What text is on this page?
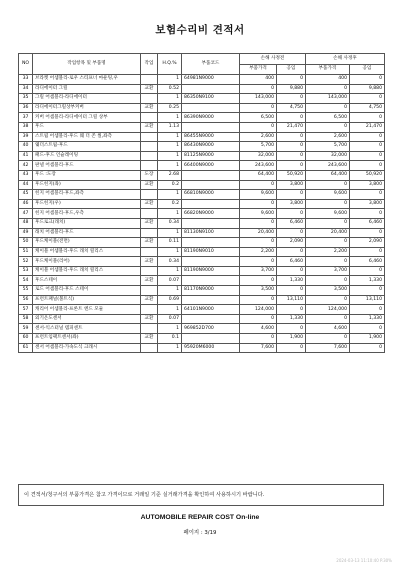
보험수리비 견적서
NO	작업항목 및 부품명	작업	H.Q.%	부품코드	손해 사정전		손해 사정후	
					부품가격	공임	부품가격	공임
33	브라켓 어셈블리-로우 스티프너 마운팅,우		1	64981N9000	400	0	400	0
34	라디에이터 그릴	교환	0.52		0	9,880	0	9,880
35	그릴 어셈블리-라디에이터		1	86350N9100	143,000	0	143,000	0
36	라디에이터그릴상부커버	교환	0.25		0	4,750	0	4,750
37	커버 어셈블리-라디에이터 그릴 상부		1	86390N9000	6,500	0	6,500	0
38	후드	교환	1.13		0	21,470	0	21,470
39	스트립 어셈블리-후드 웨 더 존 씰,좌측		1	86455N9000	2,600	0	2,600	0
40	웨더스트립-후드		1	86430N9000	5,700	0	5,700	0
41	패드-후드 인슐레이팅		1	81125N9000	32,000	0	32,000	0
42	판넬 어셈블리-후드		1	66400N9000	243,600	0	243,600	0
43	후드 :도장	도장	2.68		64,400	50,920	64,400	50,920
44	후드힌지(좌)	교환	0.2		0	3,800	0	3,800
45	힌지 어셈블리-후드,좌측		1	66810N9000	9,600	0	9,600	0
46	후드힌지(우)	교환	0.2		0	3,800	0	3,800
47	힌지 어셈블리-후드,우측		1	66820N9000	9,600	0	9,600	0
48	후드로크(래치)	교환	0.34		0	6,460	0	6,460
49	래치 어셈블리-후드		1	81130N9100	20,400	0	20,400	0
50	후드케이블(전면)	교환	0.11		0	2,090	0	2,090
51	케이블 어셈블리-후드 래치 릴리스		1	81190N9010	2,200	0	2,200	0
52	후드케이블(리어)	교환	0.34		0	6,460	0	6,460
53	케이블 어셈블리-후드 래치 릴리스		1	81190N9000	3,700	0	3,700	0
54	후드스테이	교환	0.07		0	1,330	0	1,330
55	로드 어셈블리-후드 스테이		1	81170N9000	3,500	0	3,500	0
56	프런트패널(볼트식)	교환	0.69		0	13,110	0	13,110
57	캐리어 어셈블리-프론트 엔드 모듈		1	64101N9000	124,000	0	124,000	0
58	외기온도센서	교환	0.07		0	1,330	0	1,330
59	센서-익스터널 템피센트		1	969852D700	4,600	0	4,600	0
60	프런트임팩트센서(좌)	교환	0.1		0	1,900	0	1,900
61	센서 어셈블리-가속도식 크래시		1	95920M6000	7,600	0	7,600	0
이 견적서/청구서의 부품가격은 참고 가격이므로 거래일 기준 실거래가격을 확인하여 사용하시기 바랍니다.
AUTOMOBILE REPAIR COST On-line
페이지 : 3/19
2024-03-13 11:10:40 P.30%
